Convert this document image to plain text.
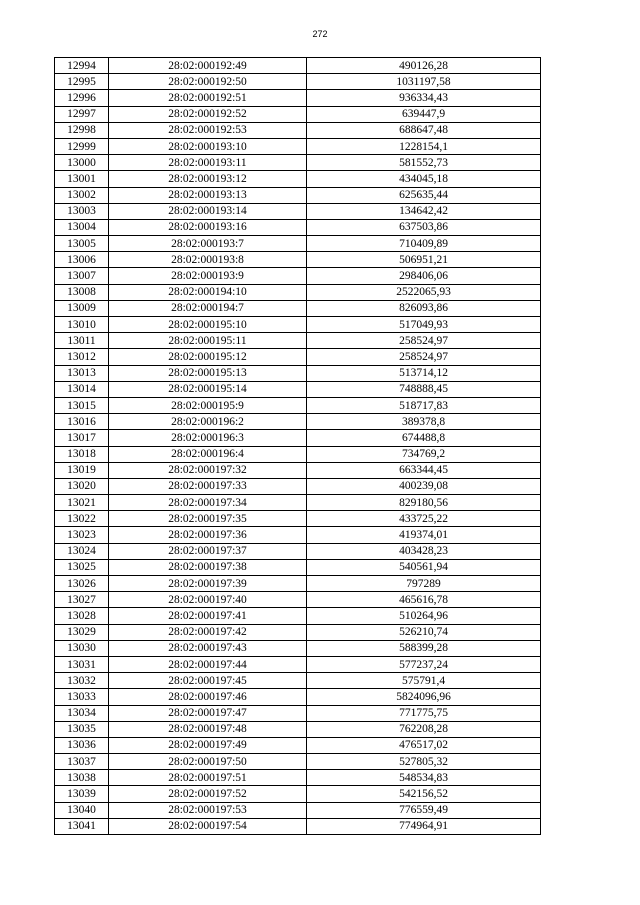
272
12994	28:02:000192:49	490126,28
12995	28:02:000192:50	1031197,58
12996	28:02:000192:51	936334,43
12997	28:02:000192:52	639447,9
12998	28:02:000192:53	688647,48
12999	28:02:000193:10	1228154,1
13000	28:02:000193:11	581552,73
13001	28:02:000193:12	434045,18
13002	28:02:000193:13	625635,44
13003	28:02:000193:14	134642,42
13004	28:02:000193:16	637503,86
13005	28:02:000193:7	710409,89
13006	28:02:000193:8	506951,21
13007	28:02:000193:9	298406,06
13008	28:02:000194:10	2522065,93
13009	28:02:000194:7	826093,86
13010	28:02:000195:10	517049,93
13011	28:02:000195:11	258524,97
13012	28:02:000195:12	258524,97
13013	28:02:000195:13	513714,12
13014	28:02:000195:14	748888,45
13015	28:02:000195:9	518717,83
13016	28:02:000196:2	389378,8
13017	28:02:000196:3	674488,8
13018	28:02:000196:4	734769,2
13019	28:02:000197:32	663344,45
13020	28:02:000197:33	400239,08
13021	28:02:000197:34	829180,56
13022	28:02:000197:35	433725,22
13023	28:02:000197:36	419374,01
13024	28:02:000197:37	403428,23
13025	28:02:000197:38	540561,94
13026	28:02:000197:39	797289
13027	28:02:000197:40	465616,78
13028	28:02:000197:41	510264,96
13029	28:02:000197:42	526210,74
13030	28:02:000197:43	588399,28
13031	28:02:000197:44	577237,24
13032	28:02:000197:45	575791,4
13033	28:02:000197:46	5824096,96
13034	28:02:000197:47	771775,75
13035	28:02:000197:48	762208,28
13036	28:02:000197:49	476517,02
13037	28:02:000197:50	527805,32
13038	28:02:000197:51	548534,83
13039	28:02:000197:52	542156,52
13040	28:02:000197:53	776559,49
13041	28:02:000197:54	774964,91
